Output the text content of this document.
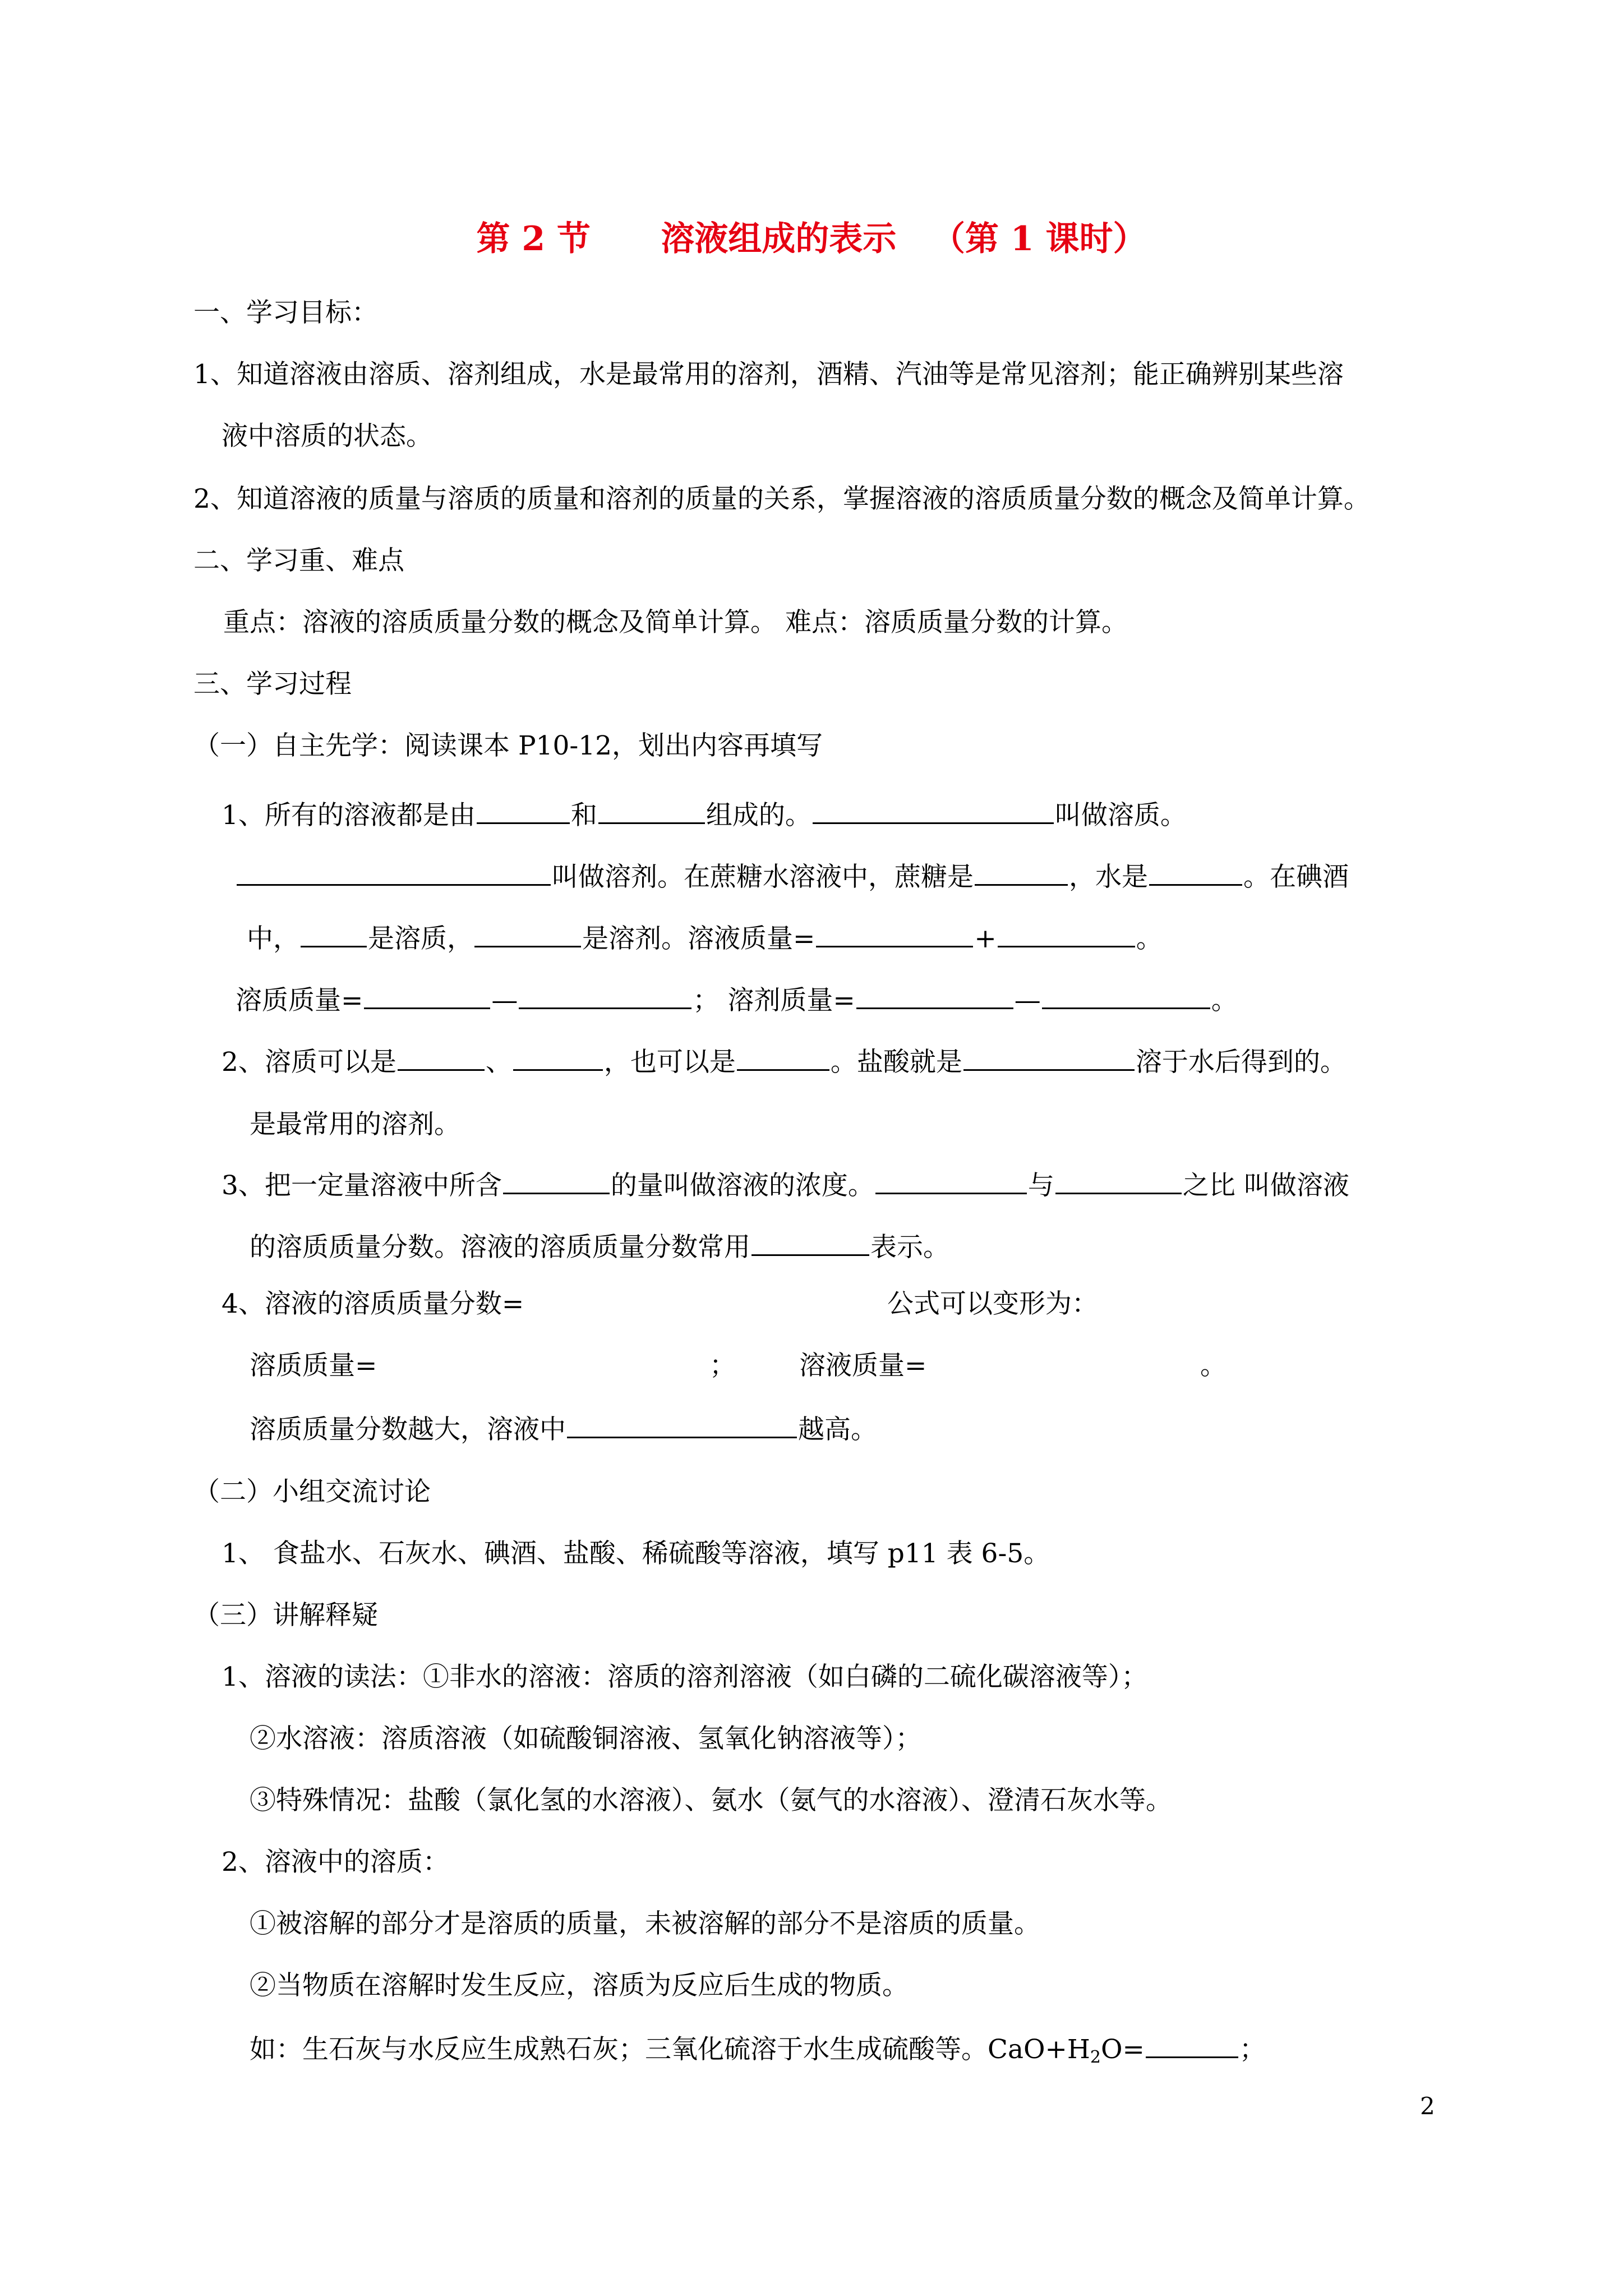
第 2 节      溶液组成的表示   （第 1 课时）
一、学习目标：
1、知道溶液由溶质、溶剂组成，水是最常用的溶剂，酒精、汽油等是常见溶剂；能正确辨别某些溶
液中溶质的状态。
2、知道溶液的质量与溶质的质量和溶剂的质量的关系，掌握溶液的溶质质量分数的概念及简单计算。
二、学习重、难点
重点：溶液的溶质质量分数的概念及简单计算。 难点：溶质质量分数的计算。
三、学习过程
（一）自主先学：阅读课本 P10-12，划出内容再填写
1、所有的溶液都是由	和	组成的。	叫做溶质。
叫做溶剂。在蔗糖水溶液中，蔗糖是	，水是	。在碘酒
中，	是溶质，	是溶剂。溶液质量=	+	。
溶质质量=	—	； 溶剂质量=	—	。
2、溶质可以是	、	，也可以是	。盐酸就是	溶于水后得到的。
是最常用的溶剂。
3、把一定量溶液中所含	的量叫做溶液的浓度。	与	之比 叫做溶液
的溶质质量分数。溶液的溶质质量分数常用	表示。
4、溶液的溶质质量分数=	公式可以变形为：
溶质质量=	； 溶液质量=	。
溶质质量分数越大，溶液中	越高。
（二）小组交流讨论
1、 食盐水、石灰水、碘酒、盐酸、稀硫酸等溶液，填写 p11 表 6-5。
（三）讲解释疑
1、溶液的读法：①非水的溶液：溶质的溶剂溶液（如白磷的二硫化碳溶液等）；
②水溶液：溶质溶液（如硫酸铜溶液、氢氧化钠溶液等）；
③特殊情况：盐酸（氯化氢的水溶液）、氨水（氨气的水溶液）、澄清石灰水等。
2、溶液中的溶质：
①被溶解的部分才是溶质的质量，未被溶解的部分不是溶质的质量。
②当物质在溶解时发生反应，溶质为反应后生成的物质。
如：生石灰与水反应生成熟石灰；三氧化硫溶于水生成硫酸等。$CaO+H_2O=$	；
2
